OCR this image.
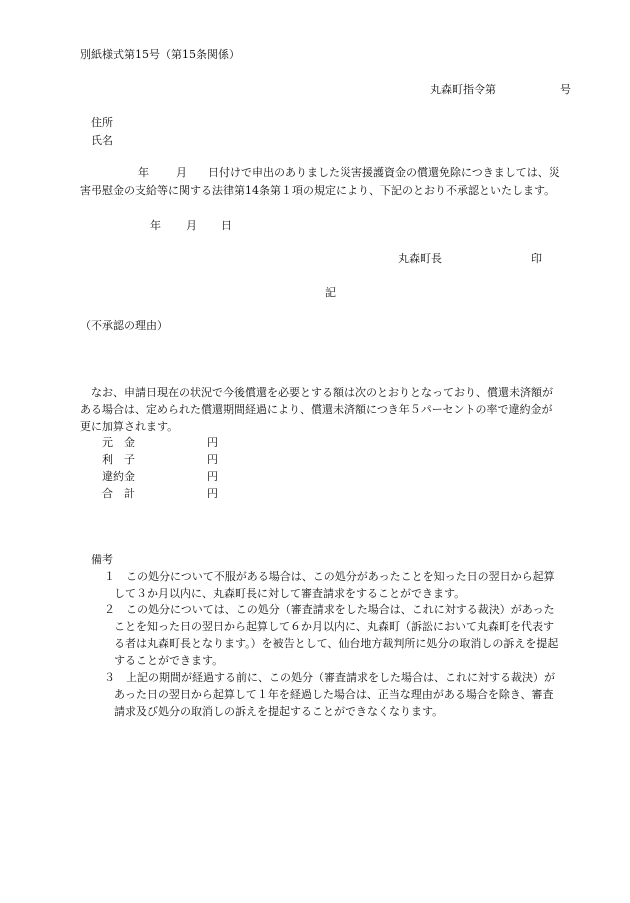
別紙様式第15号（第15条関係）
丸森町指令第	号
住所
氏名
年 月 日付けで申出のありました災害援護資金の償還免除につきましては、災
害弔慰金の支給等に関する法律第14条第１項の規定により、下記のとおり不承認といたします。
年 月 日
丸森町長	印
記
（不承認の理由）
なお、申請日現在の状況で今後償還を必要とする額は次のとおりとなっており、償還未済額が
ある場合は、定められた償還期間経過により、償還未済額につき年５パーセントの率で違約金が
更に加算されます。
元　金	円
利　子	円
違約金	円
合　計	円
備考
１ この処分について不服がある場合は、この処分があったことを知った日の翌日から起算
して３か月以内に、丸森町長に対して審査請求をすることができます。
２ この処分については、この処分（審査請求をした場合は、これに対する裁決）があった
ことを知った日の翌日から起算して６か月以内に、丸森町（訴訟において丸森町を代表す
る者は丸森町長となります。）を被告として、仙台地方裁判所に処分の取消しの訴えを提起
することができます。
３ 上記の期間が経過する前に、この処分（審査請求をした場合は、これに対する裁決）が
あった日の翌日から起算して１年を経過した場合は、正当な理由がある場合を除き、審査
請求及び処分の取消しの訴えを提起することができなくなります。
